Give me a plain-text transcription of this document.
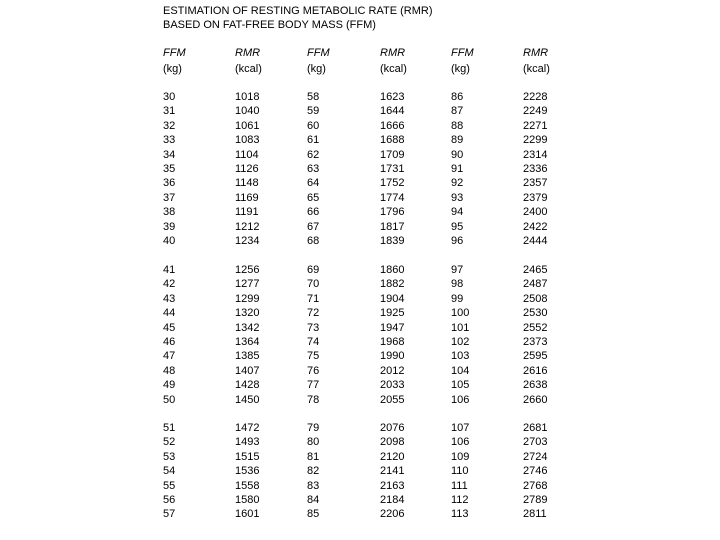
ESTIMATION OF RESTING METABOLIC RATE (RMR)
BASED ON FAT-FREE BODY MASS (FFM)
FFM
(kg)
RMR
(kcal)
FFM
(kg)
RMR
(kcal)
FFM
(kg)
RMR
(kcal)
30
31
32
33
34
35
36
37
38
39
40
1018
1040
1061
1083
1104
1126
1148
1169
1191
1212
1234
58
59
60
61
62
63
64
65
66
67
68
1623
1644
1666
1688
1709
1731
1752
1774
1796
1817
1839
86
87
88
89
90
91
92
93
94
95
96
2228
2249
2271
2299
2314
2336
2357
2379
2400
2422
2444
41
42
43
44
45
46
47
48
49
50
1256
1277
1299
1320
1342
1364
1385
1407
1428
1450
69
70
71
72
73
74
75
76
77
78
1860
1882
1904
1925
1947
1968
1990
2012
2033
2055
97
98
99
100
101
102
103
104
105
106
2465
2487
2508
2530
2552
2373
2595
2616
2638
2660
51
52
53
54
55
56
57
1472
1493
1515
1536
1558
1580
1601
79
80
81
82
83
84
85
2076
2098
2120
2141
2163
2184
2206
107
106
109
110
111
112
113
2681
2703
2724
2746
2768
2789
2811
